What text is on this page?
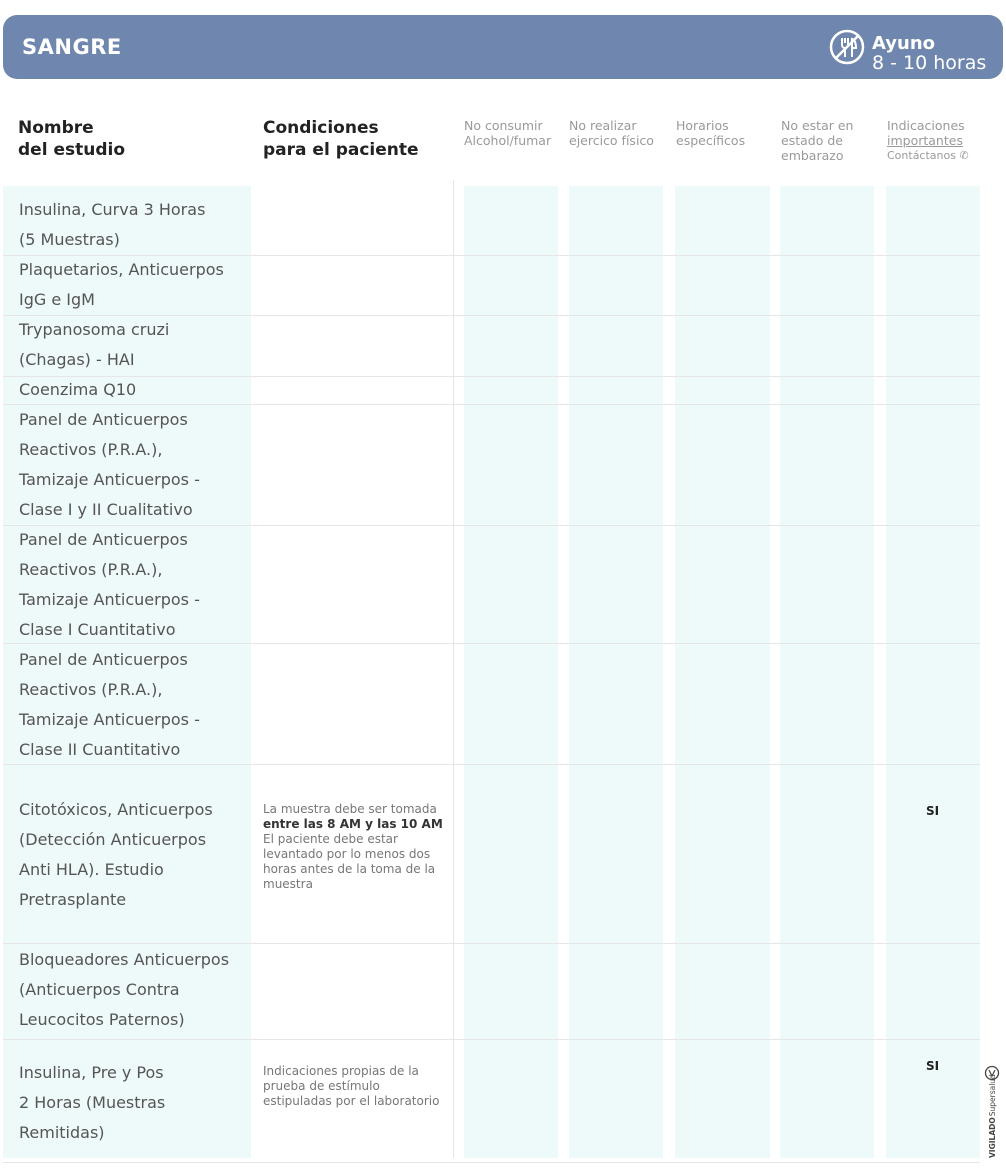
SANGRE	Ayuno
8 - 10 horas
Nombre
del estudio
Condiciones
para el paciente
No consumir
Alcohol/fumar
No realizar
ejercico físico
Horarios
específicos
No estar en
estado de
embarazo
Indicaciones
importantes
Contáctanos ✆
Insulina, Curva 3 Horas
(5 Muestras)
Plaquetarios, Anticuerpos
IgG e IgM
Trypanosoma cruzi
(Chagas) - HAI
Coenzima Q10
Panel de Anticuerpos
Reactivos (P.R.A.),
Tamizaje Anticuerpos -
Clase I y II Cualitativo
Panel de Anticuerpos
Reactivos (P.R.A.),
Tamizaje Anticuerpos -
Clase I Cuantitativo
Panel de Anticuerpos
Reactivos (P.R.A.),
Tamizaje Anticuerpos -
Clase II Cuantitativo
Citotóxicos, Anticuerpos
(Detección Anticuerpos
Anti HLA). Estudio
Pretrasplante
La muestra debe ser tomada
entre las 8 AM y las 10 AM
El paciente debe estar levantado por lo menos dos horas antes de la toma de la muestra
SI
Bloqueadores Anticuerpos
(Anticuerpos Contra
Leucocitos Paternos)
Insulina, Pre y Pos
2 Horas (Muestras
Remitidas)
Indicaciones propias de la prueba de estímulo estipuladas por el laboratorio
SI
VIGILADOSupersalud
